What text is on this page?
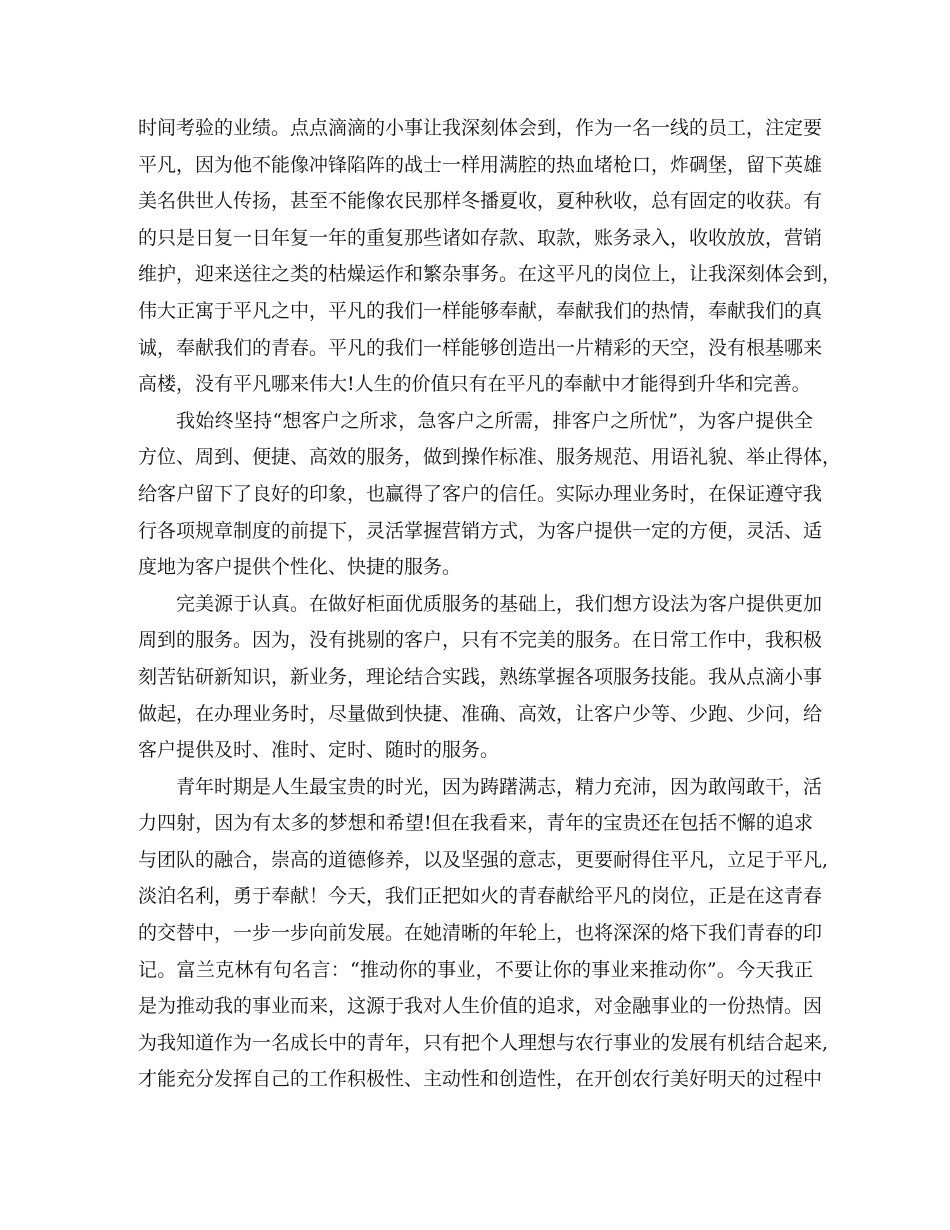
时间考验的业绩。点点滴滴的小事让我深刻体会到，作为一名一线的员工，注定要
平凡，因为他不能像冲锋陷阵的战士一样用满腔的热血堵枪口，炸碉堡，留下英雄
美名供世人传扬，甚至不能像农民那样冬播夏收，夏种秋收，总有固定的收获。有
的只是日复一日年复一年的重复那些诸如存款、取款，账务录入，收收放放，营销
维护，迎来送往之类的枯燥运作和繁杂事务。在这平凡的岗位上，让我深刻体会到，
伟大正寓于平凡之中，平凡的我们一样能够奉献，奉献我们的热情，奉献我们的真
诚，奉献我们的青春。平凡的我们一样能够创造出一片精彩的天空，没有根基哪来
高楼，没有平凡哪来伟大!人生的价值只有在平凡的奉献中才能得到升华和完善。
我始终坚持“想客户之所求，急客户之所需，排客户之所忧”，为客户提供全
方位、周到、便捷、高效的服务，做到操作标准、服务规范、用语礼貌、举止得体，
给客户留下了良好的印象，也赢得了客户的信任。实际办理业务时，在保证遵守我
行各项规章制度的前提下，灵活掌握营销方式，为客户提供一定的方便，灵活、适
度地为客户提供个性化、快捷的服务。
完美源于认真。在做好柜面优质服务的基础上，我们想方设法为客户提供更加
周到的服务。因为，没有挑剔的客户，只有不完美的服务。在日常工作中，我积极
刻苦钻研新知识，新业务，理论结合实践，熟练掌握各项服务技能。我从点滴小事
做起，在办理业务时，尽量做到快捷、准确、高效，让客户少等、少跑、少问，给
客户提供及时、准时、定时、随时的服务。
青年时期是人生最宝贵的时光，因为踌躇满志，精力充沛，因为敢闯敢干，活
力四射，因为有太多的梦想和希望!但在我看来，青年的宝贵还在包括不懈的追求
与团队的融合，崇高的道德修养，以及坚强的意志，更要耐得住平凡，立足于平凡,
淡泊名利，勇于奉献！今天，我们正把如火的青春献给平凡的岗位，正是在这青春
的交替中，一步一步向前发展。在她清晰的年轮上，也将深深的烙下我们青春的印
记。富兰克林有句名言：“推动你的事业，不要让你的事业来推动你”。今天我正
是为推动我的事业而来，这源于我对人生价值的追求，对金融事业的一份热情。因
为我知道作为一名成长中的青年，只有把个人理想与农行事业的发展有机结合起来,
才能充分发挥自己的工作积极性、主动性和创造性，在开创农行美好明天的过程中
